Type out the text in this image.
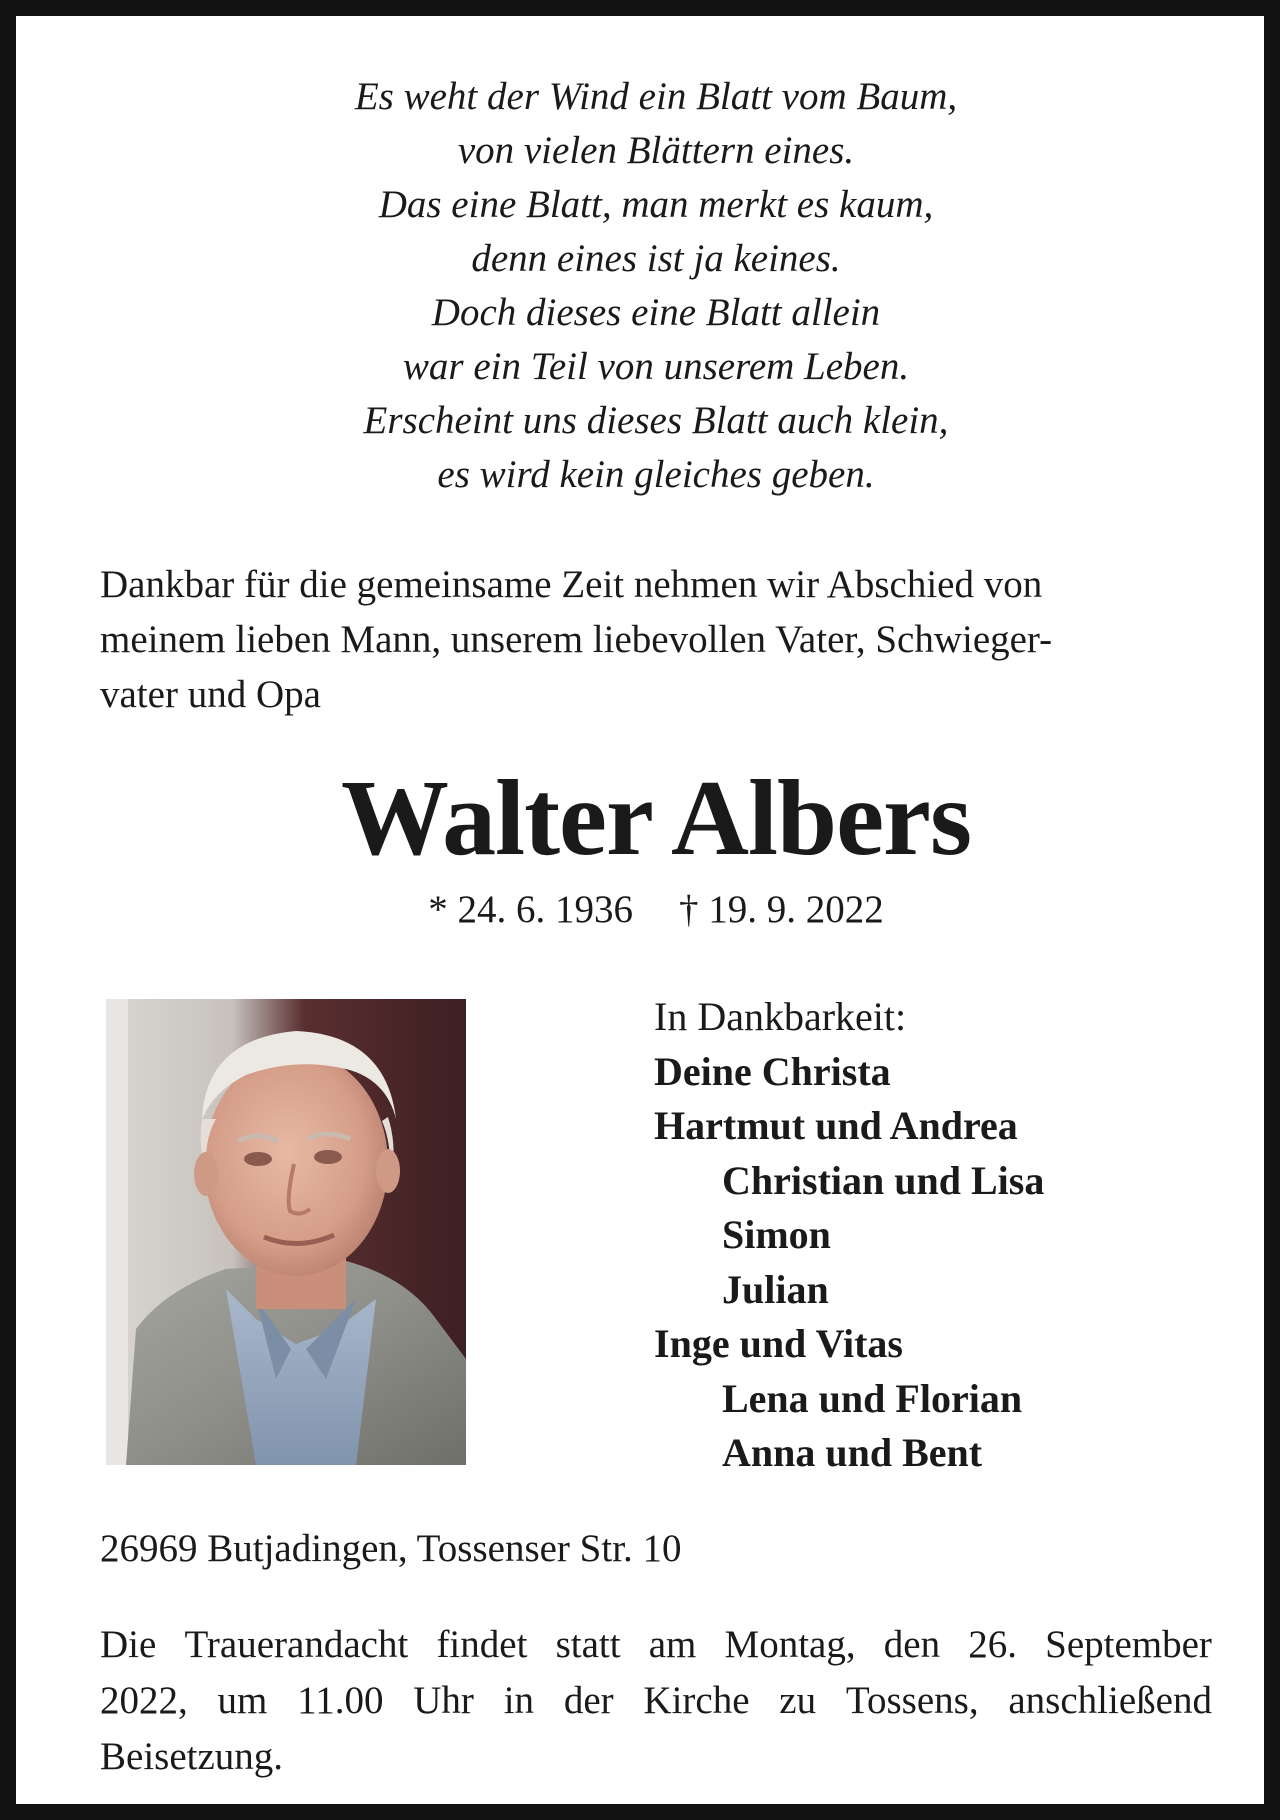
Es weht der Wind ein Blatt vom Baum,
von vielen Blättern eines.
Das eine Blatt, man merkt es kaum,
denn eines ist ja keines.
Doch dieses eine Blatt allein
war ein Teil von unserem Leben.
Erscheint uns dieses Blatt auch klein,
es wird kein gleiches geben.

Dankbar für die gemeinsame Zeit nehmen wir Abschied von
meinem lieben Mann, unserem liebevollen Vater, Schwieger-
vater und Opa

Walter Albers
* 24. 6. 1936 † 19. 9. 2022
In Dankbarkeit:
Deine Christa
Hartmut und Andrea
Christian und Lisa
Simon
Julian
Inge und Vitas
Lena und Florian
Anna und Bent
26969 Butjadingen, Tossenser Str. 10
Die Trauerandacht findet statt am Montag, den 26. September
2022, um 11.00 Uhr in der Kirche zu Tossens, anschließend
Beisetzung.
